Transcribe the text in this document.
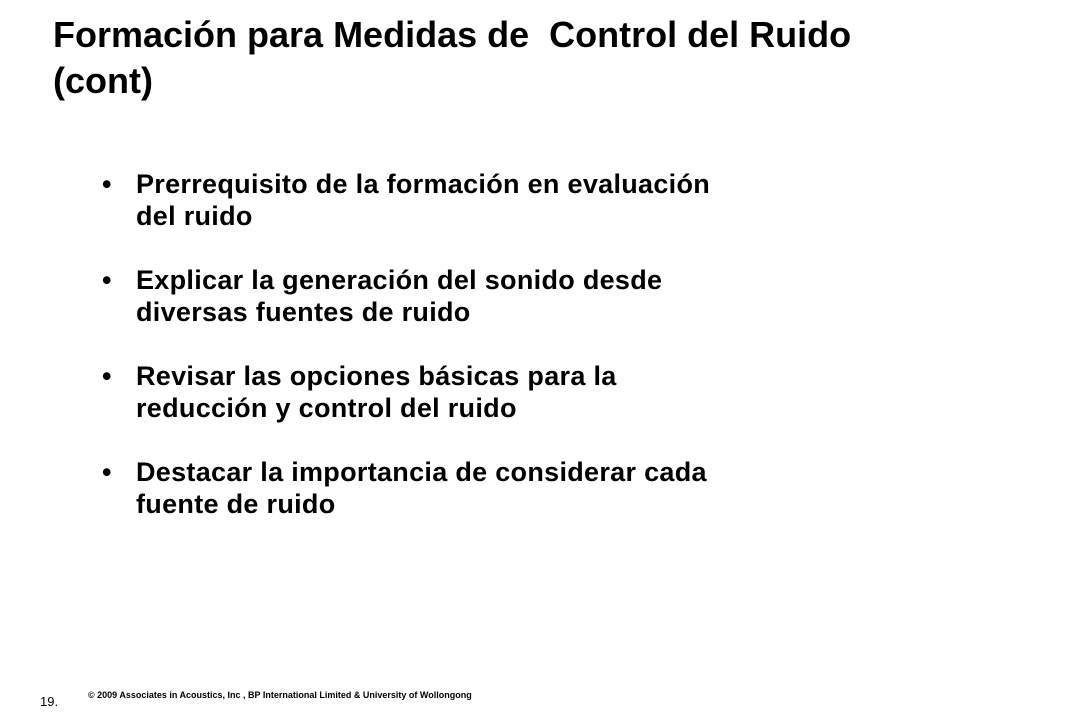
Formación para Medidas de  Control del Ruido
(cont)
• Prerrequisito de la formación en evaluación
del ruido
• Explicar la generación del sonido desde
diversas fuentes de ruido
• Revisar las opciones básicas para la
reducción y control del ruido
• Destacar la importancia de considerar cada
fuente de ruido
19.	© 2009 Associates in Acoustics, Inc , BP International Limited & University of Wollongong
